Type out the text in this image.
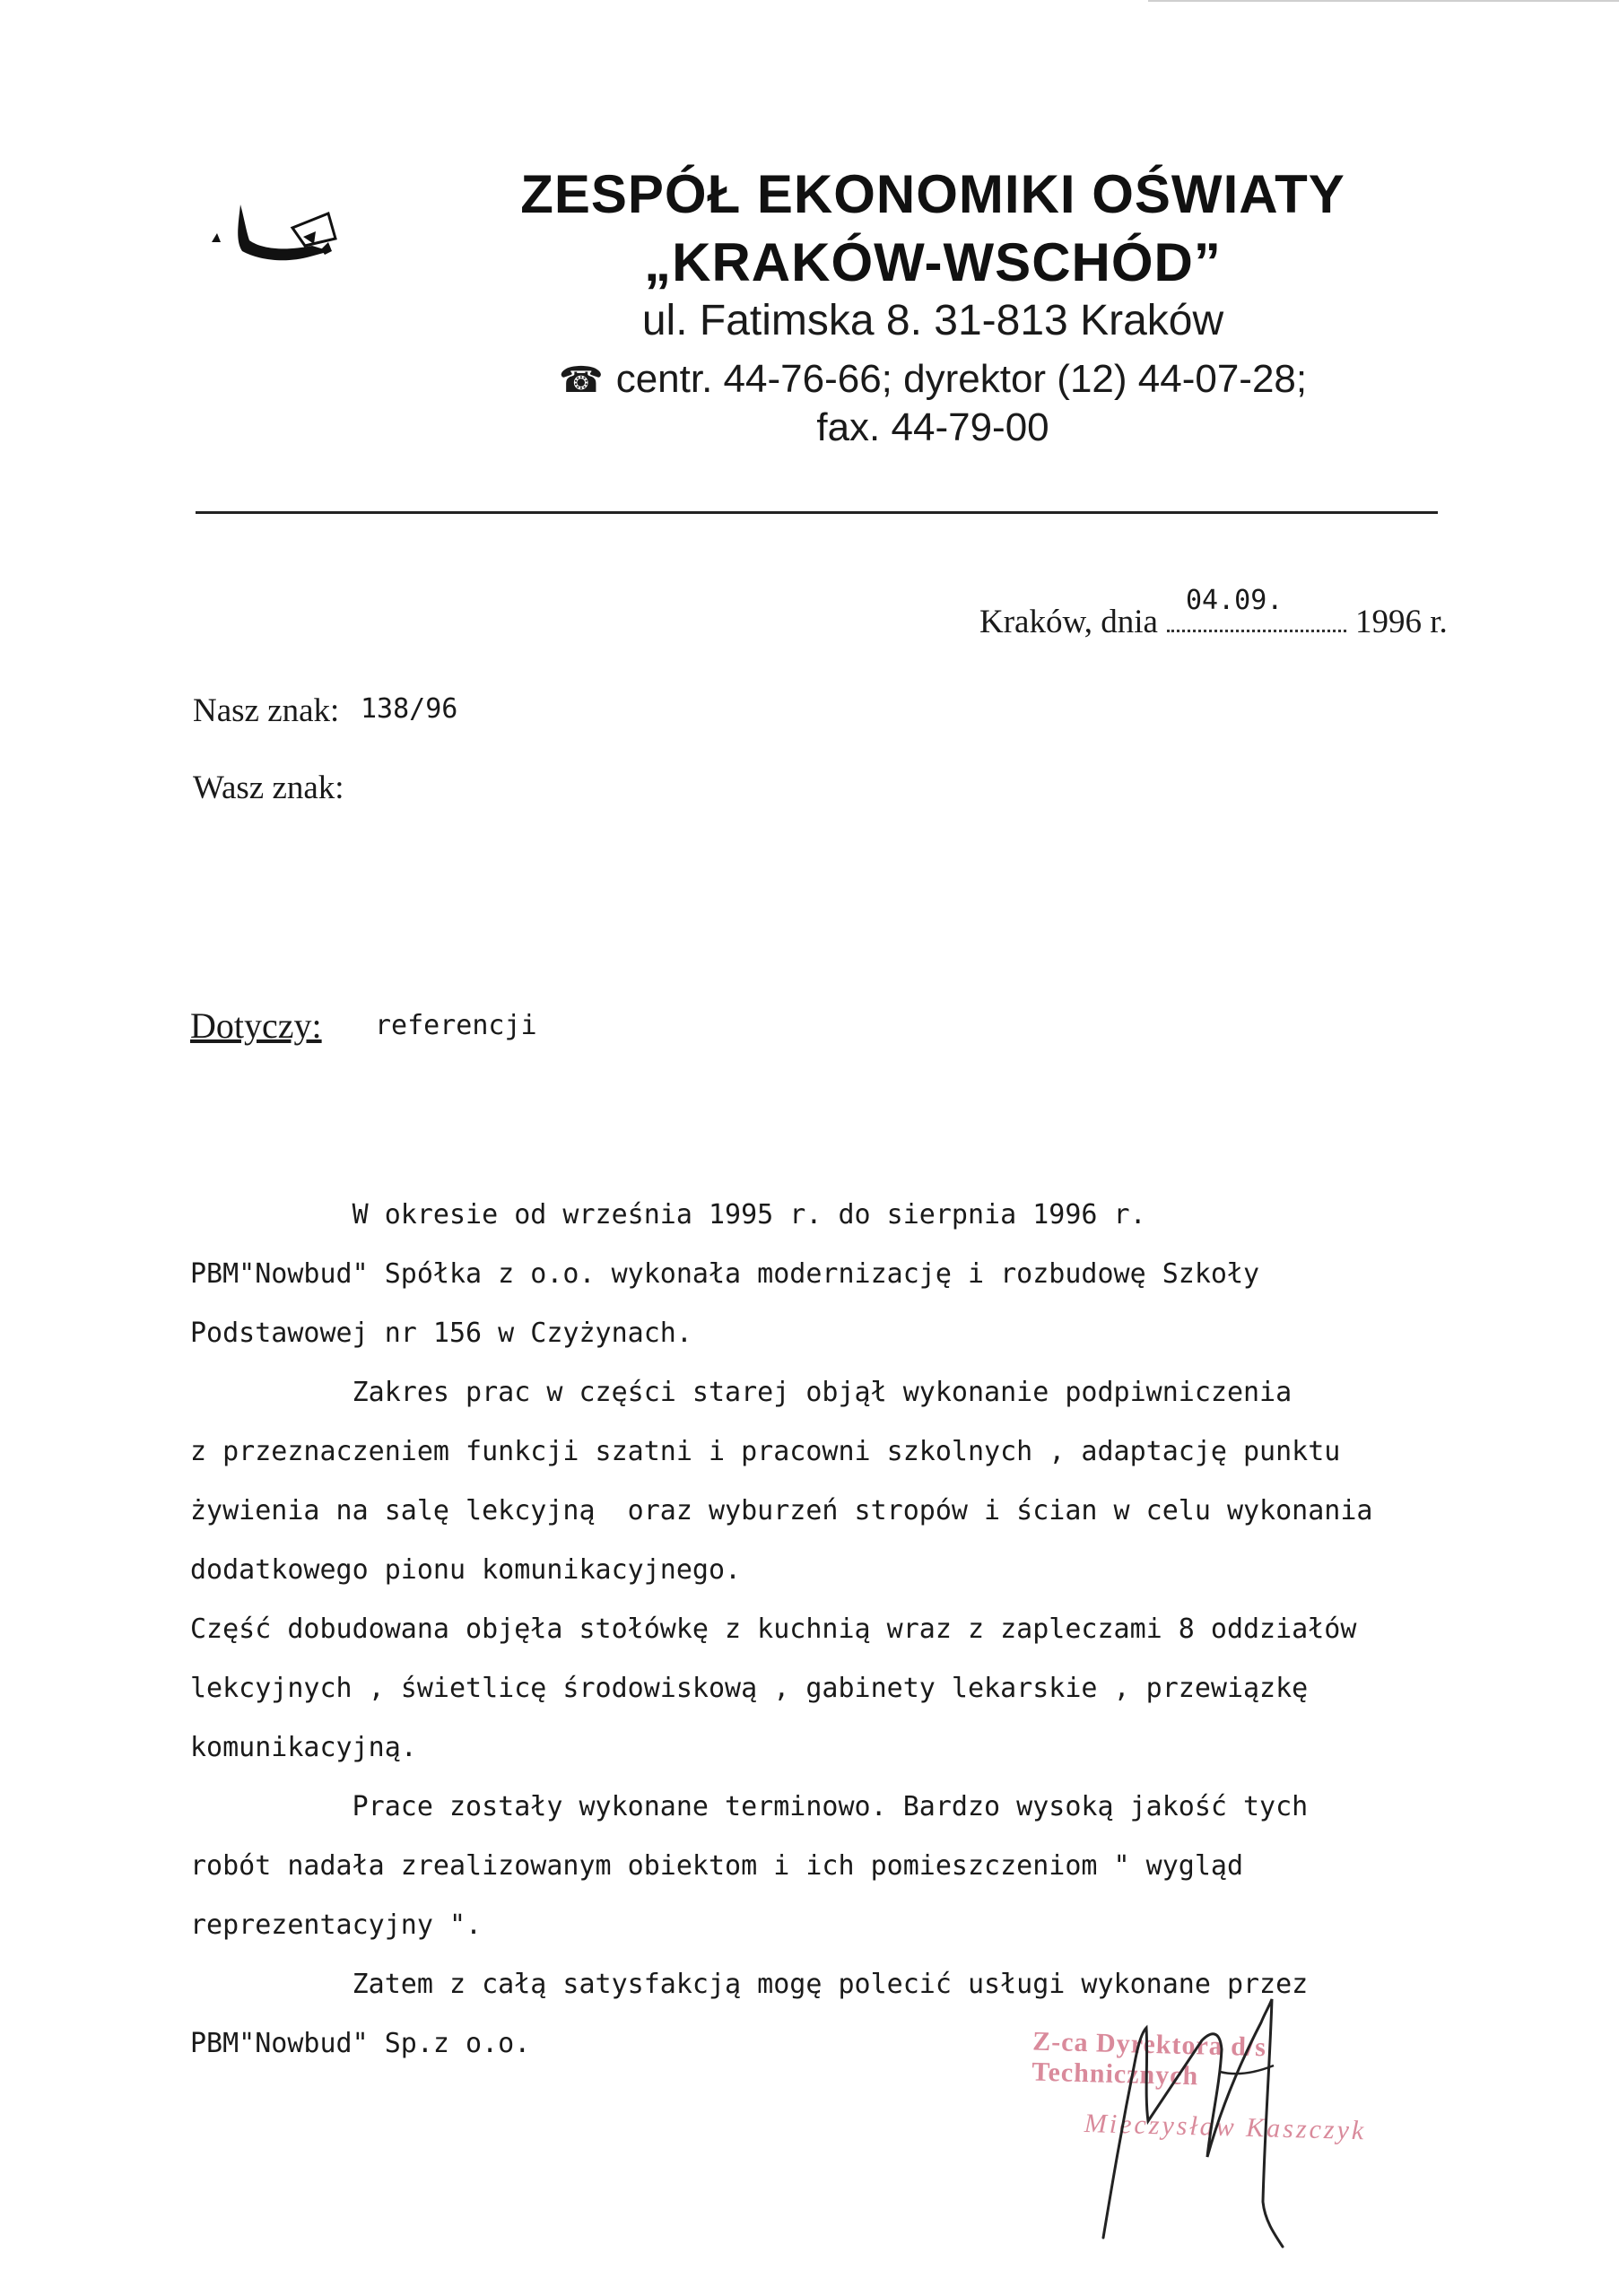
ZESPÓŁ EKONOMIKI OŚWIATY
„KRAKÓW-WSCHÓD”
ul. Fatimska 8. 31-813 Kraków
☎ centr. 44-76-66; dyrektor (12) 44-07-28;
fax. 44-79-00
04.09.
Kraków, dnia	1996 r.
Nasz znak: 138/96
Wasz znak:
Dotyczy: referencji

W okresie od września 1995 r. do sierpnia 1996 r.

PBM"Nowbud" Spółka z o.o. wykonała modernizację i rozbudowę Szkoły

Podstawowej nr 156 w Czyżynach.

Zakres prac w części starej objął wykonanie podpiwniczenia

z przeznaczeniem funkcji szatni i pracowni szkolnych , adaptację punktu

żywienia na salę lekcyjną  oraz wyburzeń stropów i ścian w celu wykonania

dodatkowego pionu komunikacyjnego.

Część dobudowana objęła stołówkę z kuchnią wraz z zapleczami 8 oddziałów

lekcyjnych , świetlicę środowiskową , gabinety lekarskie , przewiązkę

komunikacyjną.

Prace zostały wykonane terminowo. Bardzo wysoką jakość tych

robót nadała zrealizowanym obiektom i ich pomieszczeniom " wygląd

reprezentacyjny ".

Zatem z całą satysfakcją mogę polecić usługi wykonane przez

PBM"Nowbud" Sp.z o.o.	Z-ca Dyrektora d/s Technicznych
Mieczysław Kaszczyk
